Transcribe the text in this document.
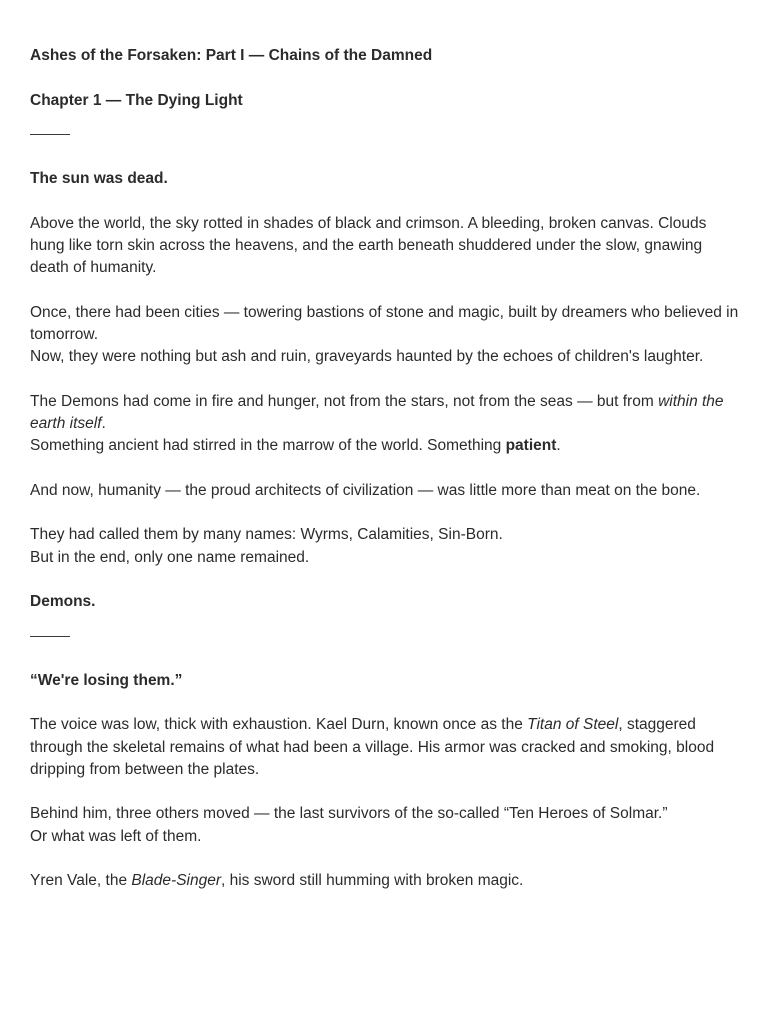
Ashes of the Forsaken: Part I — Chains of the Damned

Chapter 1 — The Dying Light

The sun was dead.

Above the world, the sky rotted in shades of black and crimson. A bleeding, broken canvas. Clouds hung like torn skin across the heavens, and the earth beneath shuddered under the slow, gnawing death of humanity.

Once, there had been cities — towering bastions of stone and magic, built by dreamers who believed in tomorrow.
Now, they were nothing but ash and ruin, graveyards haunted by the echoes of children's laughter.

The Demons had come in fire and hunger, not from the stars, not from the seas — but from within the earth itself.
Something ancient had stirred in the marrow of the world. Something patient.

And now, humanity — the proud architects of civilization — was little more than meat on the bone.

They had called them by many names: Wyrms, Calamities, Sin-Born.
But in the end, only one name remained.

Demons.

“We're losing them.”

The voice was low, thick with exhaustion. Kael Durn, known once as the Titan of Steel, staggered through the skeletal remains of what had been a village. His armor was cracked and smoking, blood dripping from between the plates.

Behind him, three others moved — the last survivors of the so-called “Ten Heroes of Solmar.”
Or what was left of them.

Yren Vale, the Blade-Singer, his sword still humming with broken magic.
